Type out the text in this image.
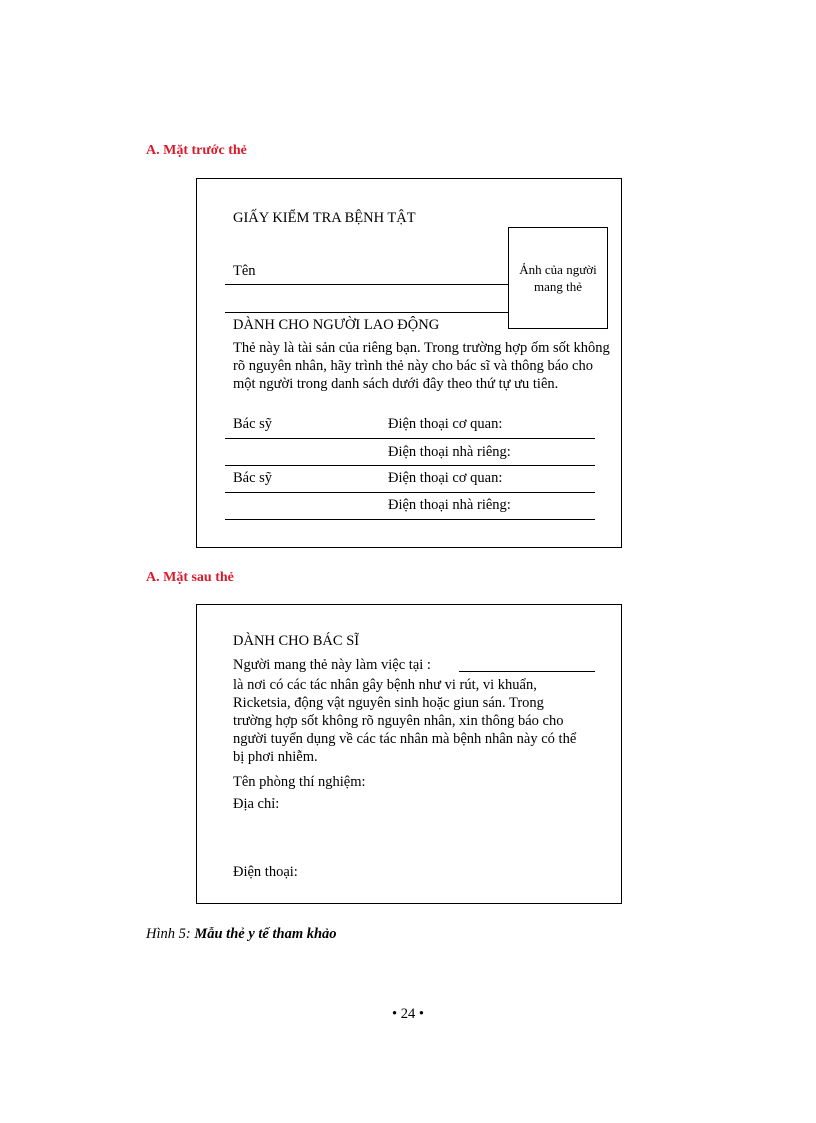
A. Mặt trước thẻ
GIẤY KIỂM TRA BỆNH TẬT
Ảnh của người mang thẻ
Tên
DÀNH CHO NGƯỜI LAO ĐỘNG
Thẻ này là tài sản của riêng bạn. Trong trường hợp ốm sốt không rõ nguyên nhân, hãy trình thẻ này cho bác sĩ và thông báo cho một người trong danh sách dưới đây theo thứ tự ưu tiên.
Bác sỹ	Điện thoại cơ quan:
Điện thoại nhà riêng:
Bác sỹ	Điện thoại cơ quan:
Điện thoại nhà riêng:
A. Mặt sau thẻ
DÀNH CHO BÁC SĨ
Người mang thẻ này làm việc tại :
là nơi có các tác nhân gây bệnh như vi rút, vi khuẩn, Ricketsia, động vật nguyên sinh hoặc giun sán. Trong trường hợp sốt không rõ nguyên nhân, xin thông báo cho người tuyển dụng về các tác nhân mà bệnh nhân này có thể bị phơi nhiễm.
Tên phòng thí nghiệm:
Địa chỉ:
Điện thoại:
Hình 5: Mẫu thẻ y tế tham khảo
• 24 •
